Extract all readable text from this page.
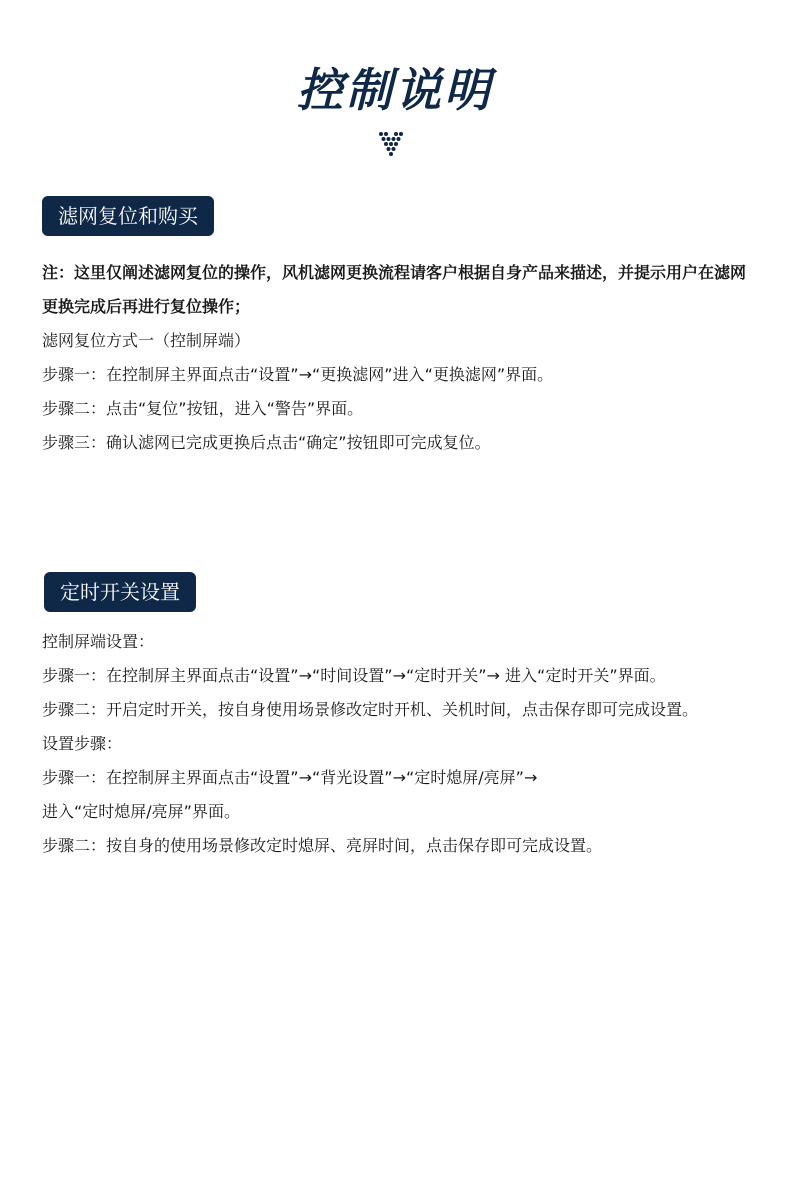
控制说明
滤网复位和购买
注：这里仅阐述滤网复位的操作，风机滤网更换流程请客户根据自身产品来描述，并提示用户在滤网更换完成后再进行复位操作；
滤网复位方式一（控制屏端）
步骤一：在控制屏主界面点击“设置”→“更换滤网”进入“更换滤网”界面。
步骤二：点击“复位”按钮，进入“警告”界面。
步骤三：确认滤网已完成更换后点击“确定”按钮即可完成复位。
定时开关设置
控制屏端设置：
步骤一：在控制屏主界面点击“设置”→“时间设置”→“定时开关”→ 进入“定时开关”界面。
步骤二：开启定时开关，按自身使用场景修改定时开机、关机时间，点击保存即可完成设置。
设置步骤：
步骤一：在控制屏主界面点击“设置”→“背光设置”→“定时熄屏/亮屏”→
进入“定时熄屏/亮屏”界面。
步骤二：按自身的使用场景修改定时熄屏、亮屏时间，点击保存即可完成设置。
